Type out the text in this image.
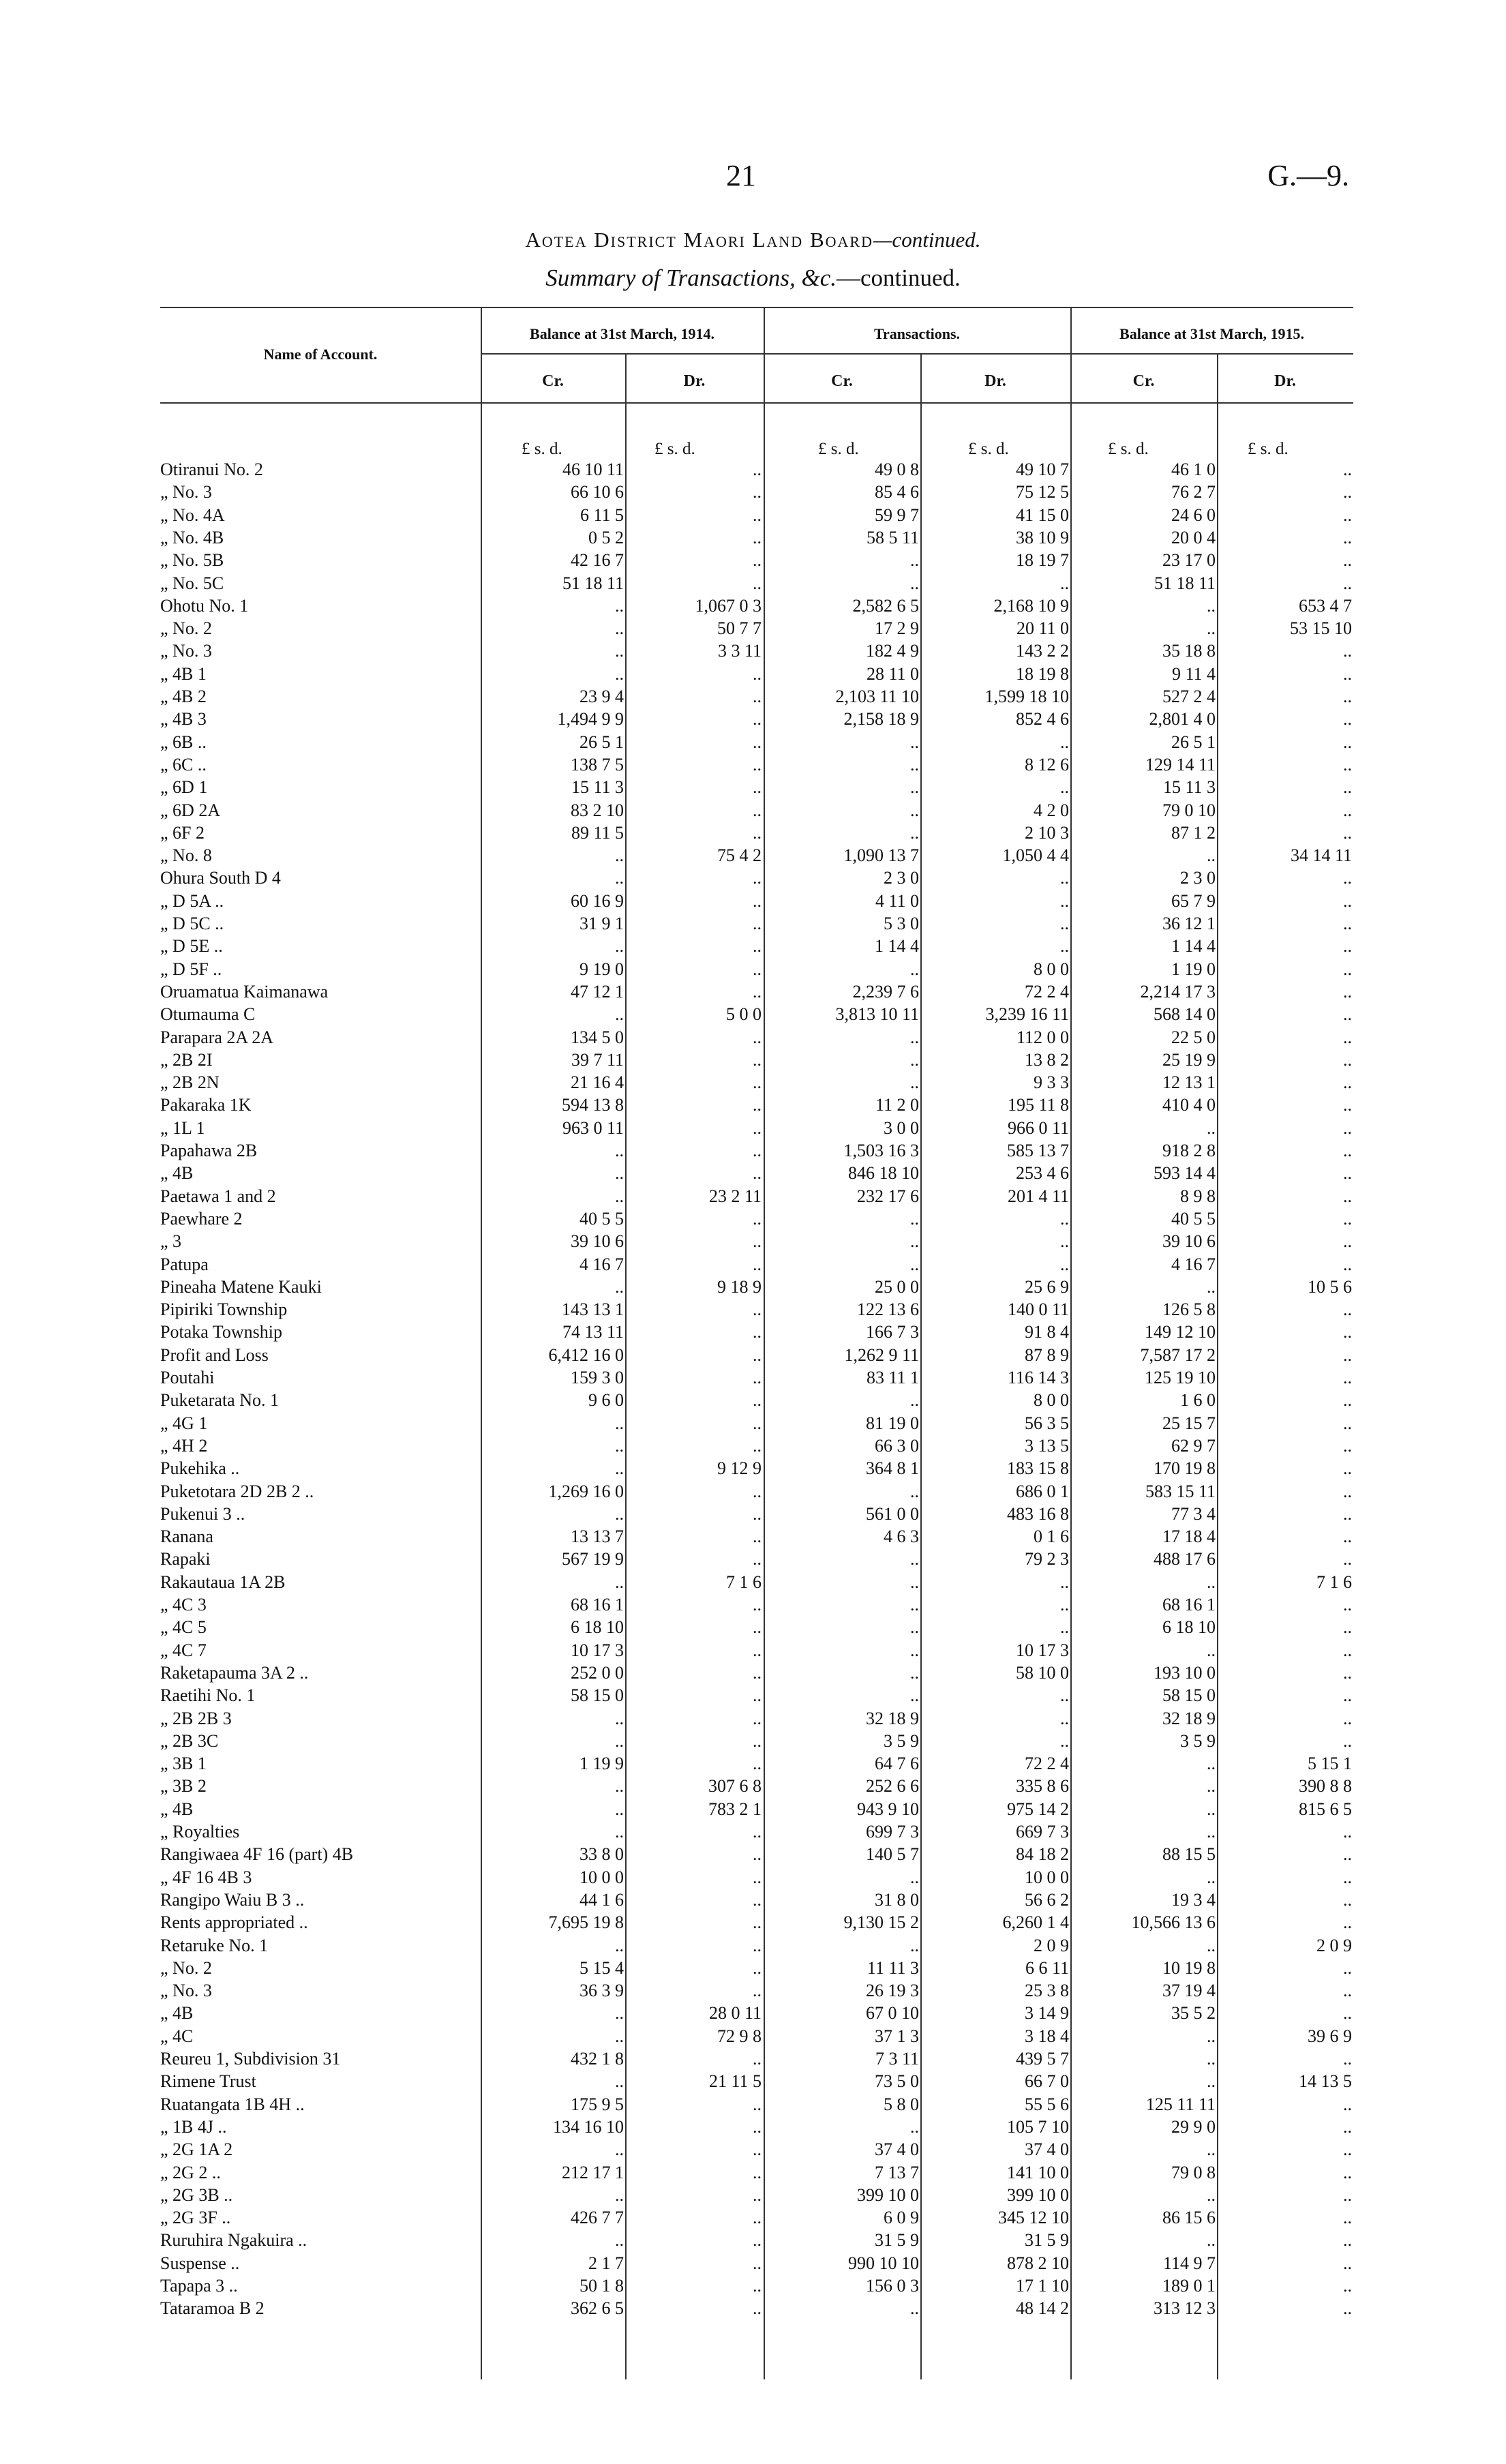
21	G.—9.
Aotea District Maori Land Board—continued.
Summary of Transactions, &c.—continued.
Name of Account.
Balance at 31st March, 1914.	Transactions.	Balance at 31st March, 1915.
Cr.	Dr.	Cr.	Dr.	Cr.	Dr.
£ s. d.	£ s. d.	£ s. d.	£ s. d.	£ s. d.	£ s. d.
Otiranui No. 2	46 10 11	..	49 0 8	49 10 7	46 1 0	..
„ No. 3	66 10 6	..	85 4 6	75 12 5	76 2 7	..
„ No. 4A	6 11 5	..	59 9 7	41 15 0	24 6 0	..
„ No. 4B	0 5 2	..	58 5 11	38 10 9	20 0 4	..
„ No. 5B	42 16 7	..	..	18 19 7	23 17 0	..
„ No. 5C	51 18 11	..	..	..	51 18 11	..
Ohotu No. 1	..	1,067 0 3	2,582 6 5	2,168 10 9	..	653 4 7
„ No. 2	..	50 7 7	17 2 9	20 11 0	..	53 15 10
„ No. 3	..	3 3 11	182 4 9	143 2 2	35 18 8	..
„ 4B 1	..	..	28 11 0	18 19 8	9 11 4	..
„ 4B 2	23 9 4	..	2,103 11 10	1,599 18 10	527 2 4	..
„ 4B 3	1,494 9 9	..	2,158 18 9	852 4 6	2,801 4 0	..
„ 6B ..	26 5 1	..	..	..	26 5 1	..
„ 6C ..	138 7 5	..	..	8 12 6	129 14 11	..
„ 6D 1	15 11 3	..	..	..	15 11 3	..
„ 6D 2A	83 2 10	..	..	4 2 0	79 0 10	..
„ 6F 2	89 11 5	..	..	2 10 3	87 1 2	..
„ No. 8	..	75 4 2	1,090 13 7	1,050 4 4	..	34 14 11
Ohura South D 4	..	..	2 3 0	..	2 3 0	..
„ D 5A ..	60 16 9	..	4 11 0	..	65 7 9	..
„ D 5C ..	31 9 1	..	5 3 0	..	36 12 1	..
„ D 5E ..	..	..	1 14 4	..	1 14 4	..
„ D 5F ..	9 19 0	..	..	8 0 0	1 19 0	..
Oruamatua Kaimanawa	47 12 1	..	2,239 7 6	72 2 4	2,214 17 3	..
Otumauma C	..	5 0 0	3,813 10 11	3,239 16 11	568 14 0	..
Parapara 2A 2A	134 5 0	..	..	112 0 0	22 5 0	..
„ 2B 2I	39 7 11	..	..	13 8 2	25 19 9	..
„ 2B 2N	21 16 4	..	..	9 3 3	12 13 1	..
Pakaraka 1K	594 13 8	..	11 2 0	195 11 8	410 4 0	..
„ 1L 1	963 0 11	..	3 0 0	966 0 11	..	..
Papahawa 2B	..	..	1,503 16 3	585 13 7	918 2 8	..
„ 4B	..	..	846 18 10	253 4 6	593 14 4	..
Paetawa 1 and 2	..	23 2 11	232 17 6	201 4 11	8 9 8	..
Paewhare 2	40 5 5	..	..	..	40 5 5	..
„ 3	39 10 6	..	..	..	39 10 6	..
Patupa	4 16 7	..	..	..	4 16 7	..
Pineaha Matene Kauki	..	9 18 9	25 0 0	25 6 9	..	10 5 6
Pipiriki Township	143 13 1	..	122 13 6	140 0 11	126 5 8	..
Potaka Township	74 13 11	..	166 7 3	91 8 4	149 12 10	..
Profit and Loss	6,412 16 0	..	1,262 9 11	87 8 9	7,587 17 2	..
Poutahi	159 3 0	..	83 11 1	116 14 3	125 19 10	..
Puketarata No. 1	9 6 0	..	..	8 0 0	1 6 0	..
„ 4G 1	..	..	81 19 0	56 3 5	25 15 7	..
„ 4H 2	..	..	66 3 0	3 13 5	62 9 7	..
Pukehika ..	..	9 12 9	364 8 1	183 15 8	170 19 8	..
Puketotara 2D 2B 2 ..	1,269 16 0	..	..	686 0 1	583 15 11	..
Pukenui 3 ..	..	..	561 0 0	483 16 8	77 3 4	..
Ranana	13 13 7	..	4 6 3	0 1 6	17 18 4	..
Rapaki	567 19 9	..	..	79 2 3	488 17 6	..
Rakautaua 1A 2B	..	7 1 6	..	..	..	7 1 6
„ 4C 3	68 16 1	..	..	..	68 16 1	..
„ 4C 5	6 18 10	..	..	..	6 18 10	..
„ 4C 7	10 17 3	..	..	10 17 3	..	..
Raketapauma 3A 2 ..	252 0 0	..	..	58 10 0	193 10 0	..
Raetihi No. 1	58 15 0	..	..	..	58 15 0	..
„ 2B 2B 3	..	..	32 18 9	..	32 18 9	..
„ 2B 3C	..	..	3 5 9	..	3 5 9	..
„ 3B 1	1 19 9	..	64 7 6	72 2 4	..	5 15 1
„ 3B 2	..	307 6 8	252 6 6	335 8 6	..	390 8 8
„ 4B	..	783 2 1	943 9 10	975 14 2	..	815 6 5
„ Royalties	..	..	699 7 3	669 7 3	..	..
Rangiwaea 4F 16 (part) 4B	33 8 0	..	140 5 7	84 18 2	88 15 5	..
„ 4F 16 4B 3	10 0 0	..	..	10 0 0	..	..
Rangipo Waiu B 3 ..	44 1 6	..	31 8 0	56 6 2	19 3 4	..
Rents appropriated ..	7,695 19 8	..	9,130 15 2	6,260 1 4	10,566 13 6	..
Retaruke No. 1	..	..	..	2 0 9	..	2 0 9
„ No. 2	5 15 4	..	11 11 3	6 6 11	10 19 8	..
„ No. 3	36 3 9	..	26 19 3	25 3 8	37 19 4	..
„ 4B	..	28 0 11	67 0 10	3 14 9	35 5 2	..
„ 4C	..	72 9 8	37 1 3	3 18 4	..	39 6 9
Reureu 1, Subdivision 31	432 1 8	..	7 3 11	439 5 7	..	..
Rimene Trust	..	21 11 5	73 5 0	66 7 0	..	14 13 5
Ruatangata 1B 4H ..	175 9 5	..	5 8 0	55 5 6	125 11 11	..
„ 1B 4J ..	134 16 10	..	..	105 7 10	29 9 0	..
„ 2G 1A 2	..	..	37 4 0	37 4 0	..	..
„ 2G 2 ..	212 17 1	..	7 13 7	141 10 0	79 0 8	..
„ 2G 3B ..	..	..	399 10 0	399 10 0	..	..
„ 2G 3F ..	426 7 7	..	6 0 9	345 12 10	86 15 6	..
Ruruhira Ngakuira ..	..	..	31 5 9	31 5 9	..	..
Suspense ..	2 1 7	..	990 10 10	878 2 10	114 9 7	..
Tapapa 3 ..	50 1 8	..	156 0 3	17 1 10	189 0 1	..
Tataramoa B 2	362 6 5	..	..	48 14 2	313 12 3	..
